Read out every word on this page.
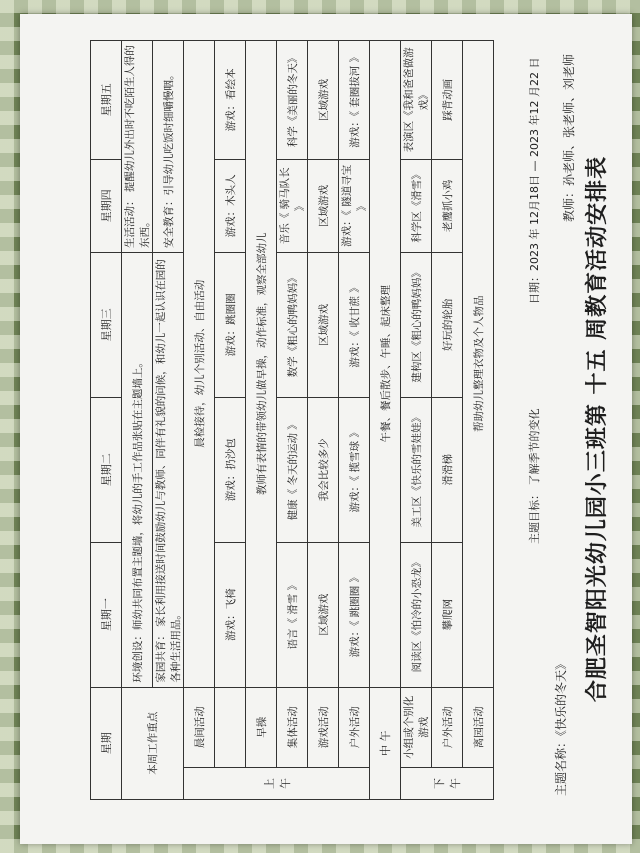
合肥圣智阳光幼儿园小三班第 十五 周教育活动安排表
教师：孙老师、张老师、刘老师
主题名称：《快乐的冬天》
主题目标： 了解季节的变化
日期：2023 年 12月18日 — 2023 年12 月22 日
星期		星期一	星期二	星期三	星期四	星期五
本周工作重点		环境创设：师幼共同布置主题墙，将幼儿的手工作品张贴在主题墙上。			生活活动： 提醒幼儿外出时不吃陌生人得的东西。	
		家园共育： 家长利用接送时间鼓励幼儿与教师、同伴有礼貌的问候，和幼儿一起认识在园的各种生活用品。			安全教育：引导幼儿吃饭时细嚼慢咽。	
上 午	晨间活动	晨检接待，幼儿个别活动、自由活动				
		游戏：飞椅	游戏：扔沙包	游戏：跳圈圈	游戏：木头人	游戏：看绘本
	早操	教师有表情的带领幼儿做早操，动作标准，观察全部幼儿				
	集体活动	语言《 滑雪 》	健康《 冬天的运动 》	数学《粗心的鸭妈妈》	音乐《 骑马队长 》	科学《美丽的冬天》
	游戏活动	区域游戏	我会比较多少	区域游戏	区域游戏	区域游戏
	户外活动	游戏：《 跳圈圈 》	游戏：《 揽雪球 》	游戏：《 收甘蔗 》	游戏：《 隧道寻宝 》	游戏：《 套圈拔河 》
中 午		午餐、餐后散步、午睡、起床整理				
下 午	小组或个别化游戏	阅读区《怕冷的小恐龙》	美工区《快乐的雪娃娃》	建构区《粗心的鸭妈妈》	科学区《滑雪》	表演区《我和爸爸做游戏》
	户外活动	攀爬网	滑滑梯	好玩的轮胎	老鹰抓小鸡	踩背动画
	离园活动	帮助幼儿整理衣物及个人物品				
